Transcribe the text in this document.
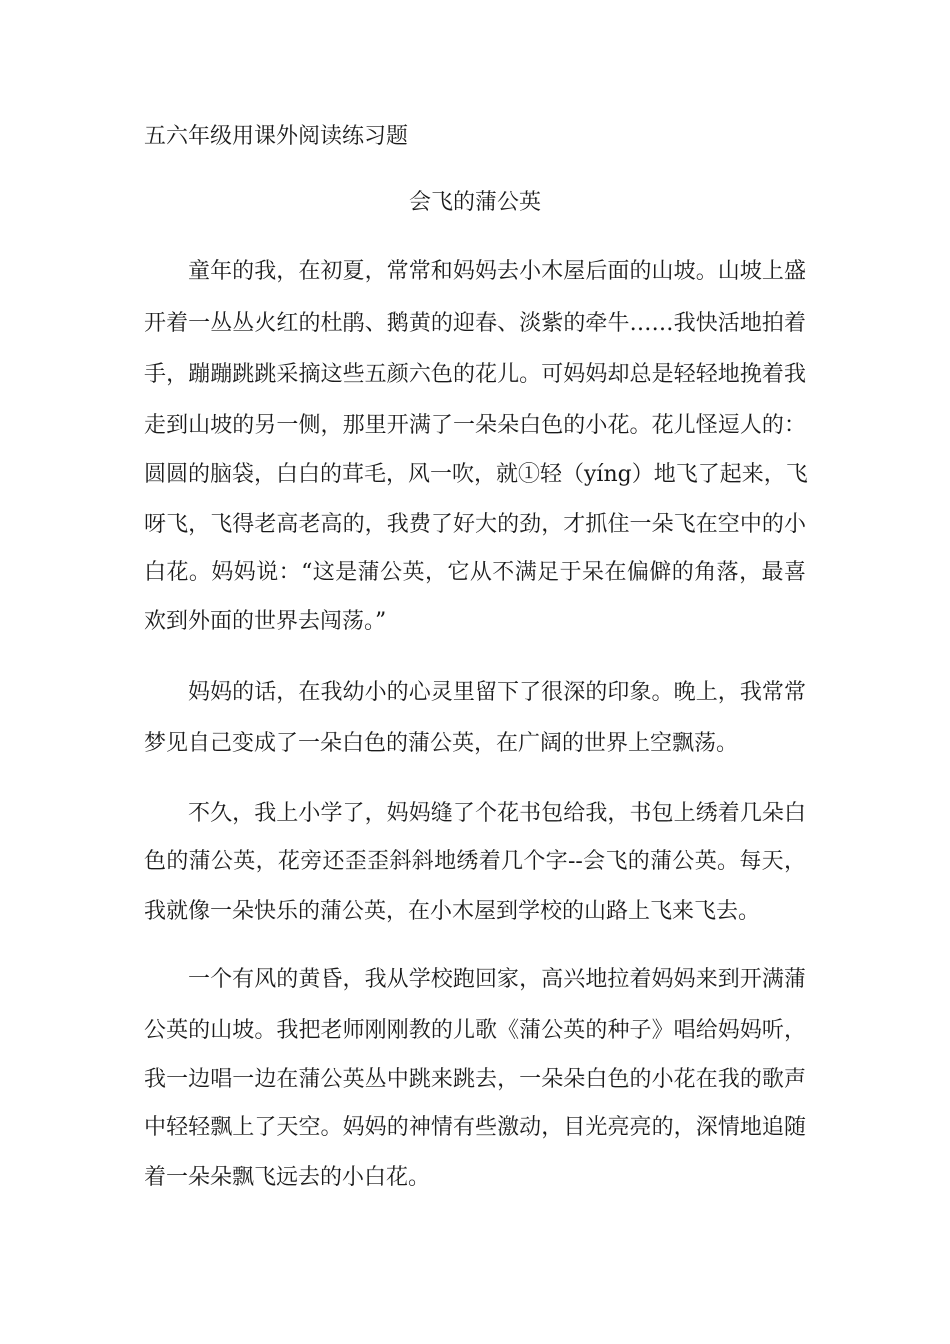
五六年级用课外阅读练习题
会飞的蒲公英
童年的我，在初夏，常常和妈妈去小木屋后面的山坡。山坡上盛
开着一丛丛火红的杜鹃、鹅黄的迎春、淡紫的牵牛……我快活地拍着
手，蹦蹦跳跳采摘这些五颜六色的花儿。可妈妈却总是轻轻地挽着我
走到山坡的另一侧，那里开满了一朵朵白色的小花。花儿怪逗人的：
圆圆的脑袋，白白的茸毛，风一吹，就①轻（yíng）地飞了起来，飞
呀飞，飞得老高老高的，我费了好大的劲，才抓住一朵飞在空中的小
白花。妈妈说：“这是蒲公英，它从不满足于呆在偏僻的角落，最喜
欢到外面的世界去闯荡。”
妈妈的话，在我幼小的心灵里留下了很深的印象。晚上，我常常
梦见自己变成了一朵白色的蒲公英，在广阔的世界上空飘荡。
不久，我上小学了，妈妈缝了个花书包给我，书包上绣着几朵白
色的蒲公英，花旁还歪歪斜斜地绣着几个字--会飞的蒲公英。每天，
我就像一朵快乐的蒲公英，在小木屋到学校的山路上飞来飞去。
一个有风的黄昏，我从学校跑回家，高兴地拉着妈妈来到开满蒲
公英的山坡。我把老师刚刚教的儿歌《蒲公英的种子》唱给妈妈听，
我一边唱一边在蒲公英丛中跳来跳去，一朵朵白色的小花在我的歌声
中轻轻飘上了天空。妈妈的神情有些激动，目光亮亮的，深情地追随
着一朵朵飘飞远去的小白花。
